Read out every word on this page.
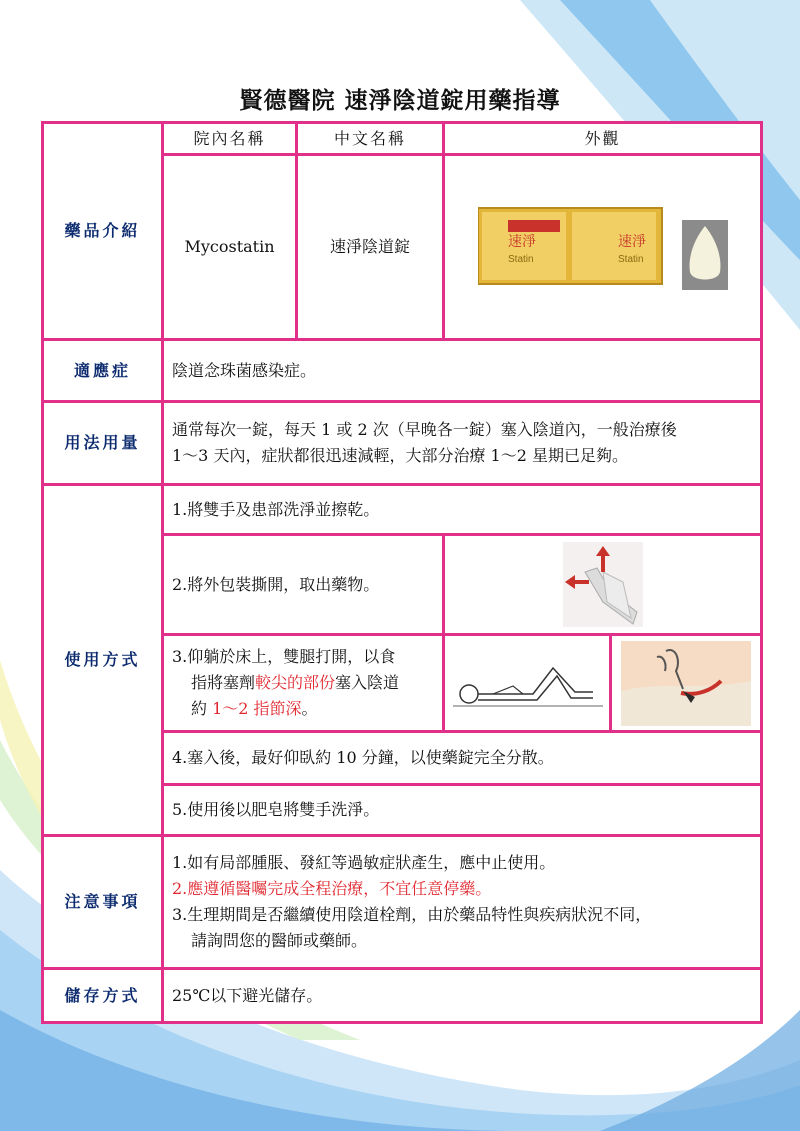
賢德醫院 速淨陰道錠用藥指導
藥品介紹	院內名稱	中文名稱	外觀	
	Mycostatin	速淨陰道錠	速淨
Statin
速淨
Statin	

適應症	陰道念珠菌感染症。			
用法用量	通常每次一錠，每天 1 或 2 次（早晚各一錠）塞入陰道內，一般治療後
1～3 天內，症狀都很迅速減輕，大部分治療 1～2 星期已足夠。			

使用方式	1.將雙手及患部洗淨並擦乾。			
	2.將外包裝撕開，取出藥物。	

	3.仰躺於床上，雙腿打開，以食
指將塞劑較尖的部份塞入陰道
約 1～2 指節深。

	4.塞入後，最好仰臥約 10 分鐘，以使藥錠完全分散。			
	5.使用後以肥皂將雙手洗淨。			
注意事項	1.如有局部腫脹、發紅等過敏症狀產生，應中止使用。
2.應遵循醫囑完成全程治療，不宜任意停藥。
3.生理期間是否繼續使用陰道栓劑，由於藥品特性與疾病狀況不同，
請詢問您的醫師或藥師。			

儲存方式	25℃以下避光儲存。			
